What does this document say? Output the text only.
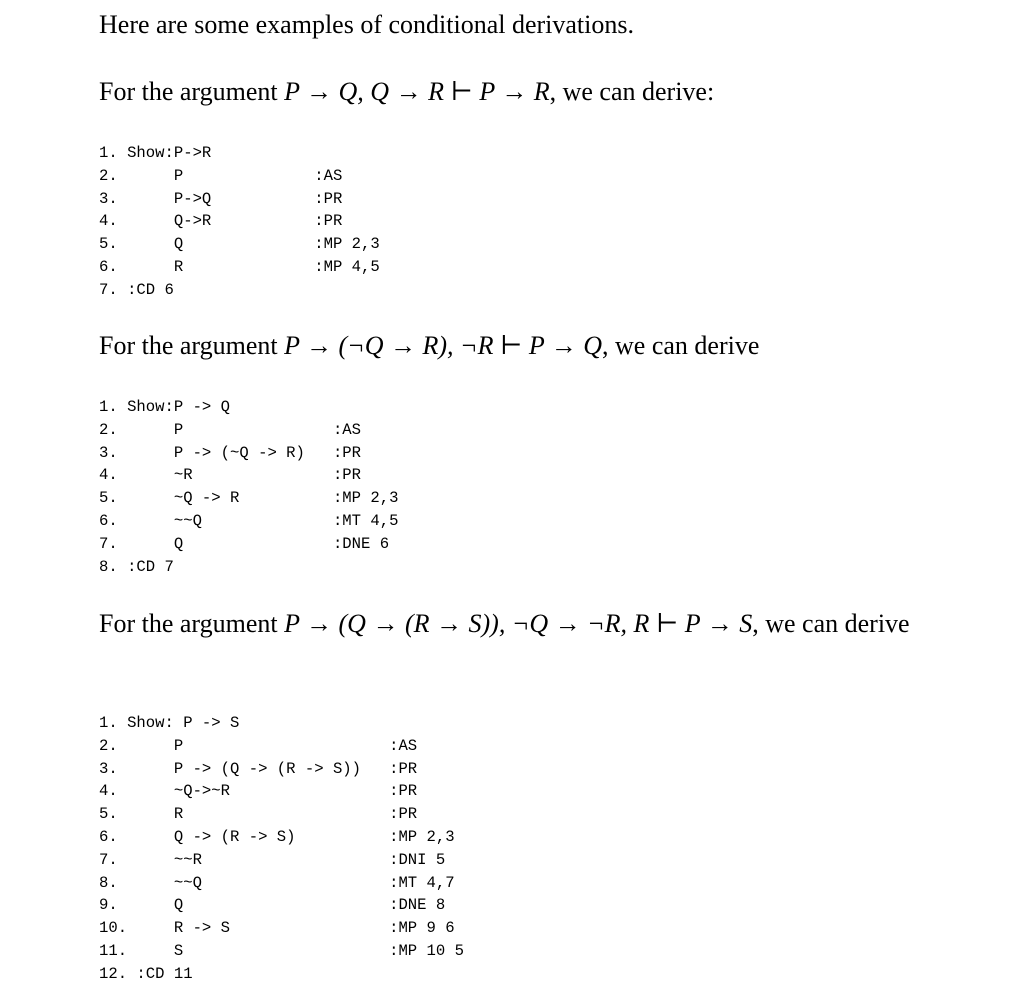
Here are some examples of conditional derivations.

For the argument P → Q, Q → R ⊢ P → R, we can derive:

1. Show:P->R
2.      P              :AS
3.      P->Q           :PR
4.      Q->R           :PR
5.      Q              :MP 2,3
6.      R              :MP 4,5
7. :CD 6

For the argument P → (¬Q → R), ¬R ⊢ P → Q, we can derive

1. Show:P -> Q
2.      P                :AS
3.      P -> (~Q -> R)   :PR
4.      ~R               :PR
5.      ~Q -> R          :MP 2,3
6.      ~~Q              :MT 4,5
7.      Q                :DNE 6
8. :CD 7

For the argument P → (Q → (R → S)), ¬Q → ¬R, R ⊢ P → S, we can derive

1. Show: P -> S
2.      P                      :AS
3.      P -> (Q -> (R -> S))   :PR
4.      ~Q->~R                 :PR
5.      R                      :PR
6.      Q -> (R -> S)          :MP 2,3
7.      ~~R                    :DNI 5
8.      ~~Q                    :MT 4,7
9.      Q                      :DNE 8
10.     R -> S                 :MP 9 6
11.     S                      :MP 10 5
12. :CD 11
